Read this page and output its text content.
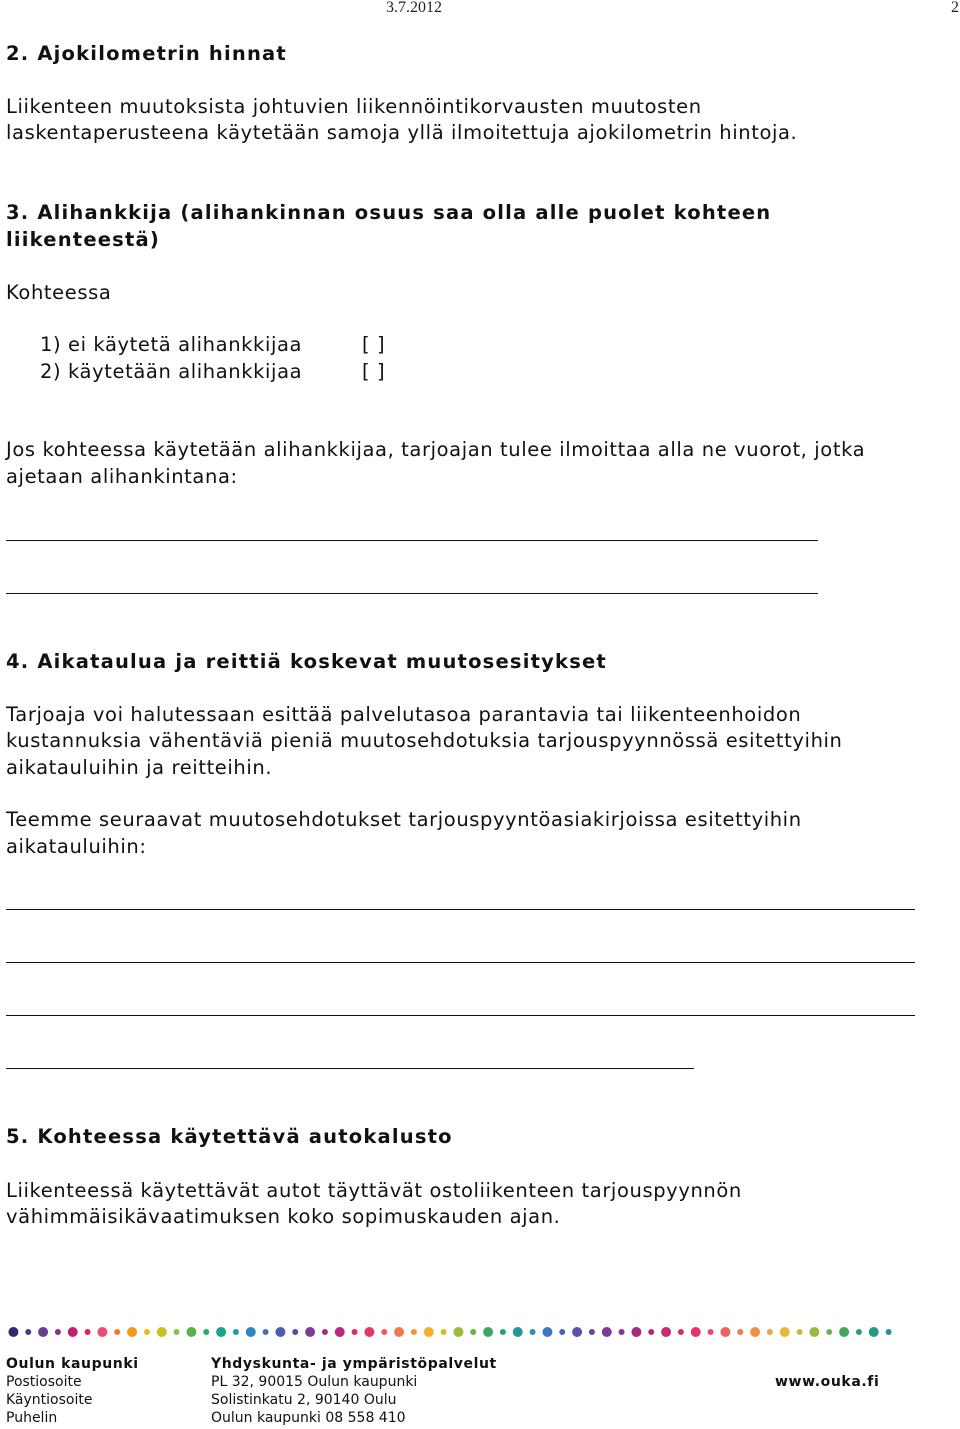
3.7.2012	2
2. Ajokilometrin hinnat
Liikenteen muutoksista johtuvien liikennöintikorvausten muutosten
laskentaperusteena käytetään samoja yllä ilmoitettuja ajokilometrin hintoja.
3. Alihankkija (alihankinnan osuus saa olla alle puolet kohteen
liikenteestä)
Kohteessa
1) ei käytetä alihankkijaa	[ ]
2) käytetään alihankkijaa	[ ]
Jos kohteessa käytetään alihankkijaa, tarjoajan tulee ilmoittaa alla ne vuorot, jotka
ajetaan alihankintana:
4. Aikataulua ja reittiä koskevat muutosesitykset
Tarjoaja voi halutessaan esittää palvelutasoa parantavia tai liikenteenhoidon
kustannuksia vähentäviä pieniä muutosehdotuksia tarjouspyynnössä esitettyihin
aikatauluihin ja reitteihin.
Teemme seuraavat muutosehdotukset tarjouspyyntöasiakirjoissa esitettyihin
aikatauluihin:
5. Kohteessa käytettävä autokalusto
Liikenteessä käytettävät autot täyttävät ostoliikenteen tarjouspyynnön
vähimmäisikävaatimuksen koko sopimuskauden ajan.
Oulun kaupunki	Yhdyskunta- ja ympäristöpalvelut
Postiosoite	PL 32, 90015 Oulun kaupunki	www.ouka.fi
Käyntiosoite	Solistinkatu 2, 90140 Oulu
Puhelin	Oulun kaupunki 08 558 410
